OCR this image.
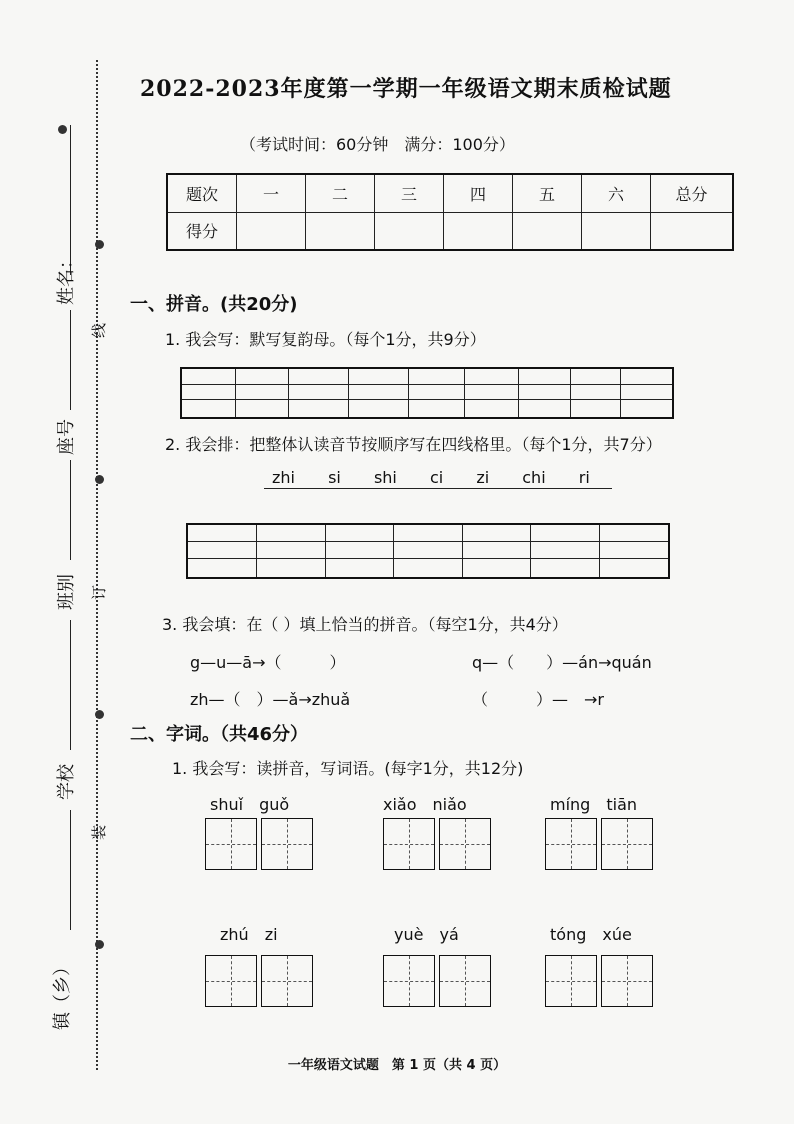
姓名：
线
座号
班别 订
学校
装
镇（乡）
2022-2023年度第一学期一年级语文期末质检试题
（考试时间：60分钟　满分：100分）
题次	一	二	三	四	五	六	总分
得分							
一、拼音。(共20分)
1. 我会写：默写复韵母。（每个1分，共9分）
2. 我会排：把整体认读音节按顺序写在四线格里。（每个1分，共7分）
zhi si shi ci zi chi ri
3. 我会填：在（ ）填上恰当的拼音。（每空1分，共4分）
g—u—ā→（　　　）	q—（　　）—án→quán
zh—（　）—ǎ→zhuǎ	（　　　）—　→r
二、字词。（共46分）
1. 我会写：读拼音，写词语。(每字1分，共12分)
shuǐ　 guǒ	xiǎo　 niǎo	míng　 tiān
zhú　 zi	yuè　 yá	tóng　 xúe
一年级语文试题　第 1 页（共 4 页）
